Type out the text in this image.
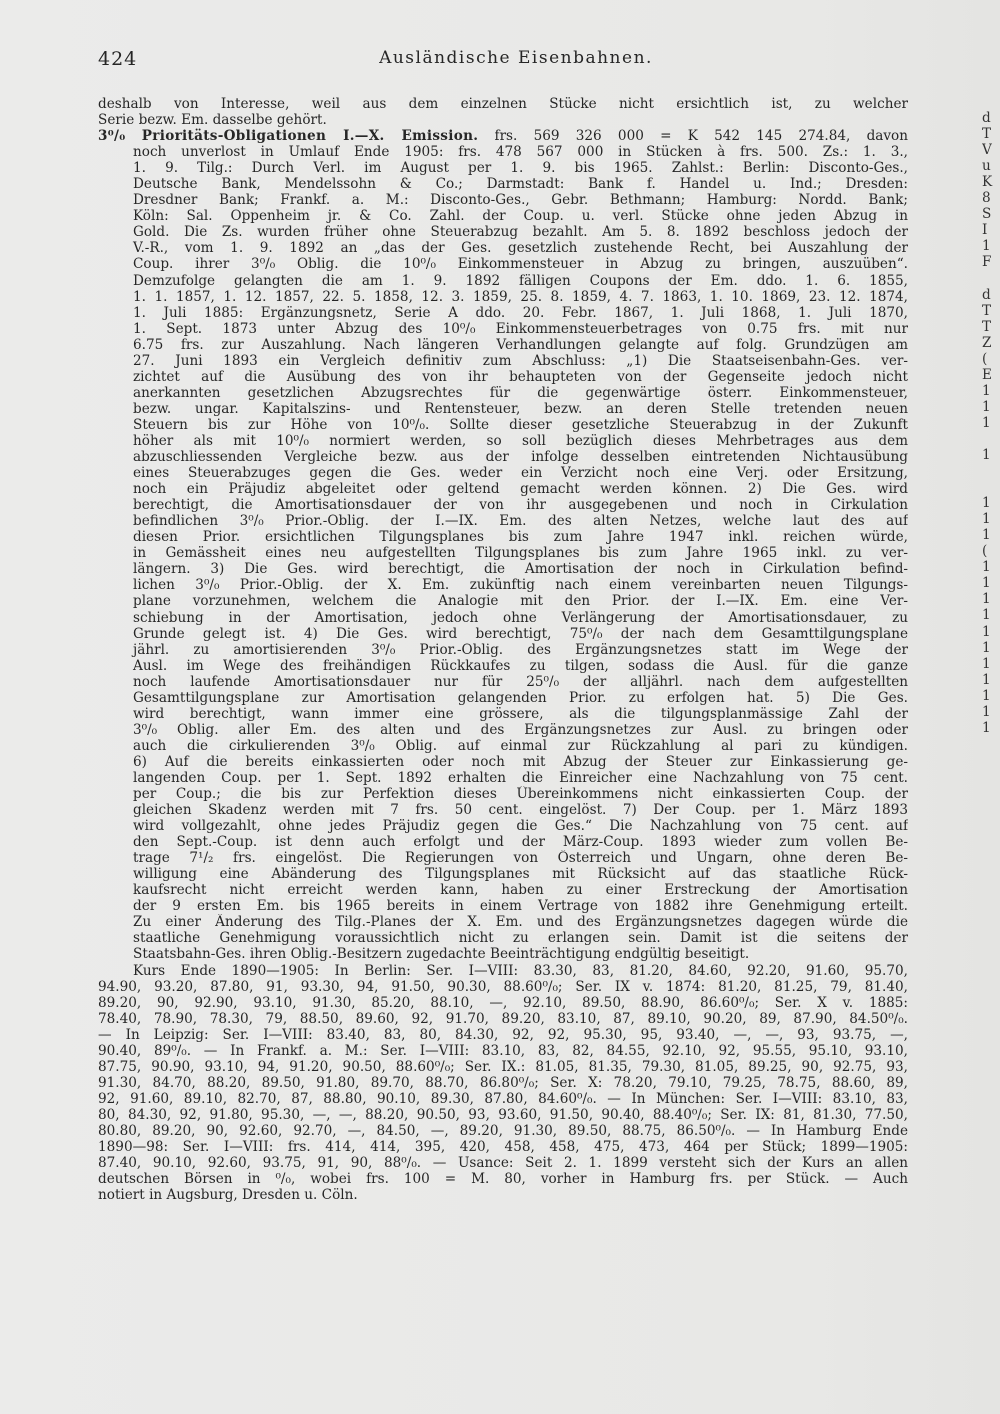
424	Ausländische Eisenbahnen.
deshalb von Interesse, weil aus dem einzelnen Stücke nicht ersichtlich ist, zu welcher
Serie bezw. Em. dasselbe gehört.
3⁰/₀ Prioritäts-Obligationen I.—X. Emission. frs. 569 326 000 = K 542 145 274.84, davon
noch unverlost in Umlauf Ende 1905: frs. 478 567 000 in Stücken à frs. 500. Zs.: 1. 3.,
1. 9. Tilg.: Durch Verl. im August per 1. 9. bis 1965. Zahlst.: Berlin: Disconto-Ges.,
Deutsche Bank, Mendelssohn & Co.; Darmstadt: Bank f. Handel u. Ind.; Dresden:
Dresdner Bank; Frankf. a. M.: Disconto-Ges., Gebr. Bethmann; Hamburg: Nordd. Bank;
Köln: Sal. Oppenheim jr. & Co. Zahl. der Coup. u. verl. Stücke ohne jeden Abzug in
Gold. Die Zs. wurden früher ohne Steuerabzug bezahlt. Am 5. 8. 1892 beschloss jedoch der
V.-R., vom 1. 9. 1892 an „das der Ges. gesetzlich zustehende Recht, bei Auszahlung der
Coup. ihrer 3⁰/₀ Oblig. die 10⁰/₀ Einkommensteuer in Abzug zu bringen, auszuüben“.
Demzufolge gelangten die am 1. 9. 1892 fälligen Coupons der Em. ddo. 1. 6. 1855,
1. 1. 1857, 1. 12. 1857, 22. 5. 1858, 12. 3. 1859, 25. 8. 1859, 4. 7. 1863, 1. 10. 1869, 23. 12. 1874,
1. Juli 1885: Ergänzungsnetz, Serie A ddo. 20. Febr. 1867, 1. Juli 1868, 1. Juli 1870,
1. Sept. 1873 unter Abzug des 10⁰/₀ Einkommensteuerbetrages von 0.75 frs. mit nur
6.75 frs. zur Auszahlung. Nach längeren Verhandlungen gelangte auf folg. Grundzügen am
27. Juni 1893 ein Vergleich definitiv zum Abschluss: „1) Die Staatseisenbahn-Ges. ver-
zichtet auf die Ausübung des von ihr behaupteten von der Gegenseite jedoch nicht
anerkannten gesetzlichen Abzugsrechtes für die gegenwärtige österr. Einkommensteuer,
bezw. ungar. Kapitalszins- und Rentensteuer, bezw. an deren Stelle tretenden neuen
Steuern bis zur Höhe von 10⁰/₀. Sollte dieser gesetzliche Steuerabzug in der Zukunft
höher als mit 10⁰/₀ normiert werden, so soll bezüglich dieses Mehrbetrages aus dem
abzuschliessenden Vergleiche bezw. aus der infolge desselben eintretenden Nichtausübung
eines Steuerabzuges gegen die Ges. weder ein Verzicht noch eine Verj. oder Ersitzung,
noch ein Präjudiz abgeleitet oder geltend gemacht werden können. 2) Die Ges. wird
berechtigt, die Amortisationsdauer der von ihr ausgegebenen und noch in Cirkulation
befindlichen 3⁰/₀ Prior.-Oblig. der I.—IX. Em. des alten Netzes, welche laut des auf
diesen Prior. ersichtlichen Tilgungsplanes bis zum Jahre 1947 inkl. reichen würde,
in Gemässheit eines neu aufgestellten Tilgungsplanes bis zum Jahre 1965 inkl. zu ver-
längern. 3) Die Ges. wird berechtigt, die Amortisation der noch in Cirkulation befind-
lichen 3⁰/₀ Prior.-Oblig. der X. Em. zukünftig nach einem vereinbarten neuen Tilgungs-
plane vorzunehmen, welchem die Analogie mit den Prior. der I.—IX. Em. eine Ver-
schiebung in der Amortisation, jedoch ohne Verlängerung der Amortisationsdauer, zu
Grunde gelegt ist. 4) Die Ges. wird berechtigt, 75⁰/₀ der nach dem Gesamttilgungsplane
jährl. zu amortisierenden 3⁰/₀ Prior.-Oblig. des Ergänzungsnetzes statt im Wege der
Ausl. im Wege des freihändigen Rückkaufes zu tilgen, sodass die Ausl. für die ganze
noch laufende Amortisationsdauer nur für 25⁰/₀ der alljährl. nach dem aufgestellten
Gesamttilgungsplane zur Amortisation gelangenden Prior. zu erfolgen hat. 5) Die Ges.
wird berechtigt, wann immer eine grössere, als die tilgungsplanmässige Zahl der
3⁰/₀ Oblig. aller Em. des alten und des Ergänzungsnetzes zur Ausl. zu bringen oder
auch die cirkulierenden 3⁰/₀ Oblig. auf einmal zur Rückzahlung al pari zu kündigen.
6) Auf die bereits einkassierten oder noch mit Abzug der Steuer zur Einkassierung ge-
langenden Coup. per 1. Sept. 1892 erhalten die Einreicher eine Nachzahlung von 75 cent.
per Coup.; die bis zur Perfektion dieses Übereinkommens nicht einkassierten Coup. der
gleichen Skadenz werden mit 7 frs. 50 cent. eingelöst. 7) Der Coup. per 1. März 1893
wird vollgezahlt, ohne jedes Präjudiz gegen die Ges.“ Die Nachzahlung von 75 cent. auf
den Sept.-Coup. ist denn auch erfolgt und der März-Coup. 1893 wieder zum vollen Be-
trage 7¹/₂ frs. eingelöst. Die Regierungen von Österreich und Ungarn, ohne deren Be-
willigung eine Abänderung des Tilgungsplanes mit Rücksicht auf das staatliche Rück-
kaufsrecht nicht erreicht werden kann, haben zu einer Erstreckung der Amortisation
der 9 ersten Em. bis 1965 bereits in einem Vertrage von 1882 ihre Genehmigung erteilt.
Zu einer Änderung des Tilg.-Planes der X. Em. und des Ergänzungsnetzes dagegen würde die
staatliche Genehmigung voraussichtlich nicht zu erlangen sein. Damit ist die seitens der
Staatsbahn-Ges. ihren Oblig.-Besitzern zugedachte Beeinträchtigung endgültig beseitigt.
Kurs Ende 1890—1905: In Berlin: Ser. I—VIII: 83.30, 83, 81.20, 84.60, 92.20, 91.60, 95.70,
94.90, 93.20, 87.80, 91, 93.30, 94, 91.50, 90.30, 88.60⁰/₀; Ser. IX v. 1874: 81.20, 81.25, 79, 81.40,
89.20, 90, 92.90, 93.10, 91.30, 85.20, 88.10, —, 92.10, 89.50, 88.90, 86.60⁰/₀; Ser. X v. 1885:
78.40, 78.90, 78.30, 79, 88.50, 89.60, 92, 91.70, 89.20, 83.10, 87, 89.10, 90.20, 89, 87.90, 84.50⁰/₀.
— In Leipzig: Ser. I—VIII: 83.40, 83, 80, 84.30, 92, 92, 95.30, 95, 93.40, —, —, 93, 93.75, —,
90.40, 89⁰/₀. — In Frankf. a. M.: Ser. I—VIII: 83.10, 83, 82, 84.55, 92.10, 92, 95.55, 95.10, 93.10,
87.75, 90.90, 93.10, 94, 91.20, 90.50, 88.60⁰/₀; Ser. IX.: 81.05, 81.35, 79.30, 81.05, 89.25, 90, 92.75, 93,
91.30, 84.70, 88.20, 89.50, 91.80, 89.70, 88.70, 86.80⁰/₀; Ser. X: 78.20, 79.10, 79.25, 78.75, 88.60, 89,
92, 91.60, 89.10, 82.70, 87, 88.80, 90.10, 89.30, 87.80, 84.60⁰/₀. — In München: Ser. I—VIII: 83.10, 83,
80, 84.30, 92, 91.80, 95.30, —, —, 88.20, 90.50, 93, 93.60, 91.50, 90.40, 88.40⁰/₀; Ser. IX: 81, 81.30, 77.50,
80.80, 89.20, 90, 92.60, 92.70, —, 84.50, —, 89.20, 91.30, 89.50, 88.75, 86.50⁰/₀. — In Hamburg Ende
1890—98: Ser. I—VIII: frs. 414, 414, 395, 420, 458, 458, 475, 473, 464 per Stück; 1899—1905:
87.40, 90.10, 92.60, 93.75, 91, 90, 88⁰/₀. — Usance: Seit 2. 1. 1899 versteht sich der Kurs an allen
deutschen Börsen in ⁰/₀, wobei frs. 100 = M. 80, vorher in Hamburg frs. per Stück. — Auch
notiert in Augsburg, Dresden u. Cöln.
d
T
V
u
K
8
S
I
1
F
d
T
T
Z
(
E
1
1
1
1
1
1
1
(
1
1
1
1
1
1
1
1
1
1
1
